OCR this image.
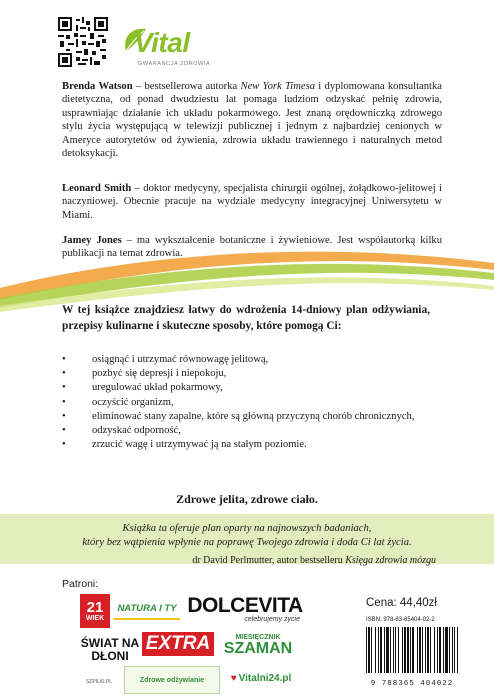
Vital
GWARANCJA ZDROWIA

Brenda Watson – bestsellerowa autorka New York Timesa i dyplomowana konsultantka dietetyczna, od ponad dwudziestu lat pomaga ludziom odzyskać pełnię zdrowia, usprawniając działanie ich układu pokarmowego. Jest znaną orędowniczką zdrowego stylu życia występującą w telewizji publicznej i jednym z najbardziej cenionych w Ameryce autorytetów od żywienia, zdrowia układu trawiennego i naturalnych metod detoksykacji.

Leonard Smith – doktor medycyny, specjalista chirurgii ogólnej, żołądkowo-jelitowej i naczyniowej. Obecnie pracuje na wydziale medycyny integracyjnej Uniwersytetu w Miami.

Jamey Jones – ma wykształcenie botaniczne i żywieniowe. Jest współautorką kilku publikacji na temat zdrowia.

W tej książce znajdziesz łatwy do wdrożenia 14-dniowy plan odżywiania, przepisy kulinarne i skuteczne sposoby, które pomogą Ci:

• osiągnąć i utrzymać równowagę jelitową,
• pozbyć się depresji i niepokoju,
• uregulować układ pokarmowy,
• oczyścić organizm,
• eliminować stany zapalne, które są główną przyczyną chorób chronicznych,
• odzyskać odporność,
• zrzucić wagę i utrzymywać ją na stałym poziomie.
Zdrowe jelita, zdrowe ciało.
Książka ta oferuje plan oparty na najnowszych badaniach,
który bez wątpienia wpłynie na poprawę Twojego zdrowia i doda Ci lat życia.
dr David Perlmutter, autor bestselleru Księga zdrowia mózgu
Patroni:
21
WIEK
NATURA I TY DOLCEVITA
celebrujemy życie
ŚWIAT NA DŁONI
EXTRA	MIESIĘCZNIK
SZAMAN
SZPILKI.PL	Zdrowe odżywianie	♥ Vitalni24.pl
Cena: 44,40zł
ISBN: 978-83-65404-02-2
9 788365 404022
